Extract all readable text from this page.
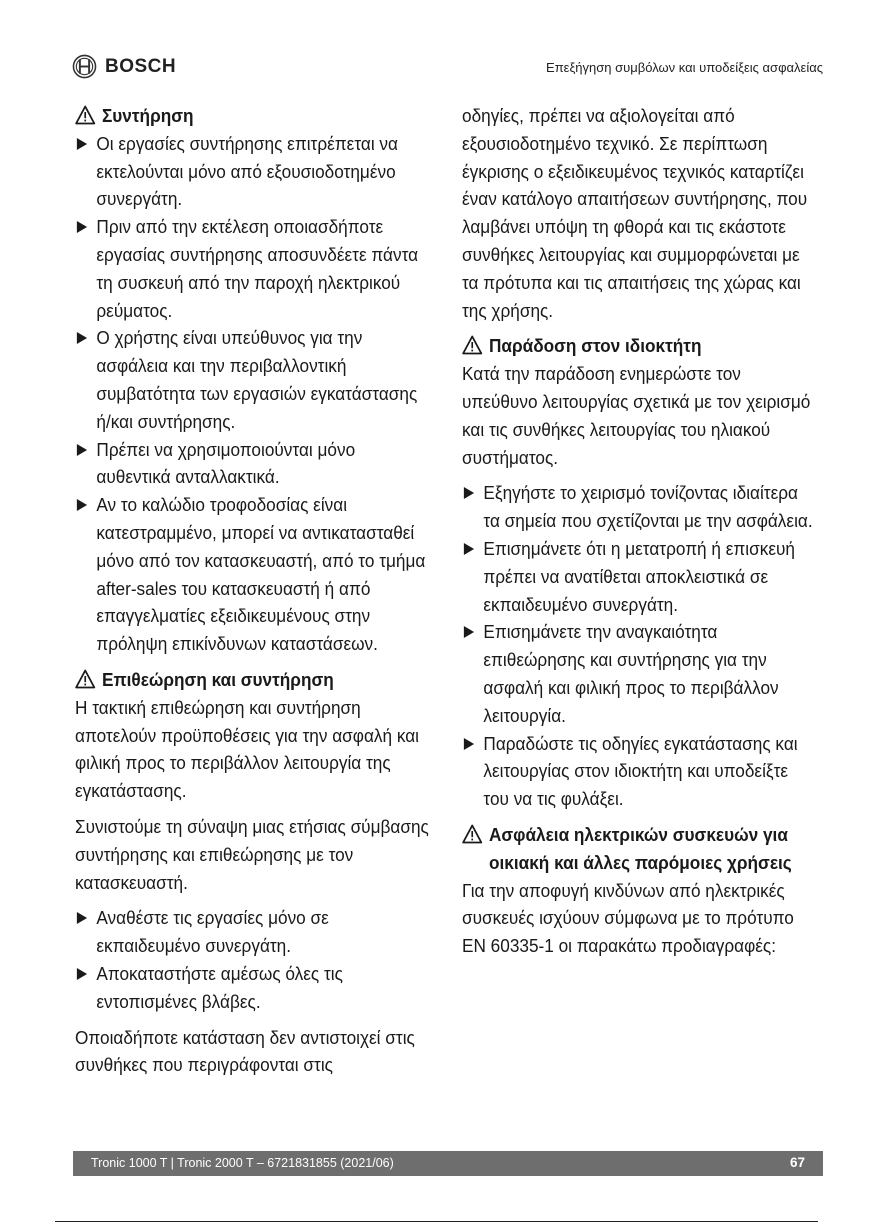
BOSCH	Επεξήγηση συμβόλων και υποδείξεις ασφαλείας
Συντήρηση
Οι εργασίες συντήρησης επιτρέπεται να εκτελούνται μόνο από εξουσιοδοτημένο συνεργάτη.
Πριν από την εκτέλεση οποιασδήποτε εργασίας συντήρησης αποσυνδέετε πάντα τη συσκευή από την παροχή ηλεκτρικού ρεύματος.
Ο χρήστης είναι υπεύθυνος για την ασφάλεια και την περιβαλλοντική συμβατότητα των εργασιών εγκατάστασης ή/και συντήρησης.
Πρέπει να χρησιμοποιούνται μόνο αυθεντικά ανταλλακτικά.
Αν το καλώδιο τροφοδοσίας είναι κατεστραμμένο, μπορεί να αντικατασταθεί μόνο από τον κατασκευαστή, από το τμήμα after-sales του κατασκευαστή ή από επαγγελματίες εξειδικευμένους στην πρόληψη επικίνδυνων καταστάσεων.
Επιθεώρηση και συντήρηση

Η τακτική επιθεώρηση και συντήρηση αποτελούν προϋποθέσεις για την ασφαλή και φιλική προς το περιβάλλον λειτουργία της εγκατάστασης.

Συνιστούμε τη σύναψη μιας ετήσιας σύμβασης συντήρησης και επιθεώρησης με τον κατασκευαστή.

Αναθέστε τις εργασίες μόνο σε εκπαιδευμένο συνεργάτη.
Αποκαταστήστε αμέσως όλες τις εντοπισμένες βλάβες.

Οποιαδήποτε κατάσταση δεν αντιστοιχεί στις συνθήκες που περιγράφονται στις

οδηγίες, πρέπει να αξιολογείται από εξουσιοδοτημένο τεχνικό. Σε περίπτωση έγκρισης ο εξειδικευμένος τεχνικός καταρτίζει έναν κατάλογο απαιτήσεων συντήρησης, που λαμβάνει υπόψη τη φθορά και τις εκάστοτε συνθήκες λειτουργίας και συμμορφώνεται με τα πρότυπα και τις απαιτήσεις της χώρας και της χρήσης.

Παράδοση στον ιδιοκτήτη

Κατά την παράδοση ενημερώστε τον υπεύθυνο λειτουργίας σχετικά με τον χειρισμό και τις συνθήκες λειτουργίας του ηλιακού συστήματος.

Εξηγήστε το χειρισμό τονίζοντας ιδιαίτερα τα σημεία που σχετίζονται με την ασφάλεια.
Επισημάνετε ότι η μετατροπή ή επισκευή πρέπει να ανατίθεται αποκλειστικά σε εκπαιδευμένο συνεργάτη.
Επισημάνετε την αναγκαιότητα επιθεώρησης και συντήρησης για την ασφαλή και φιλική προς το περιβάλλον λειτουργία.
Παραδώστε τις οδηγίες εγκατάστασης και λειτουργίας στον ιδιοκτήτη και υποδείξτε του να τις φυλάξει.
Ασφάλεια ηλεκτρικών συσκευών για οικιακή και άλλες παρόμοιες χρήσεις

Για την αποφυγή κινδύνων από ηλεκτρικές συσκευές ισχύουν σύμφωνα με το πρότυπο EN 60335-1 οι παρακάτω προδιαγραφές:

Tronic 1000 T | Tronic 2000 T – 6721831855 (2021/06)	67
